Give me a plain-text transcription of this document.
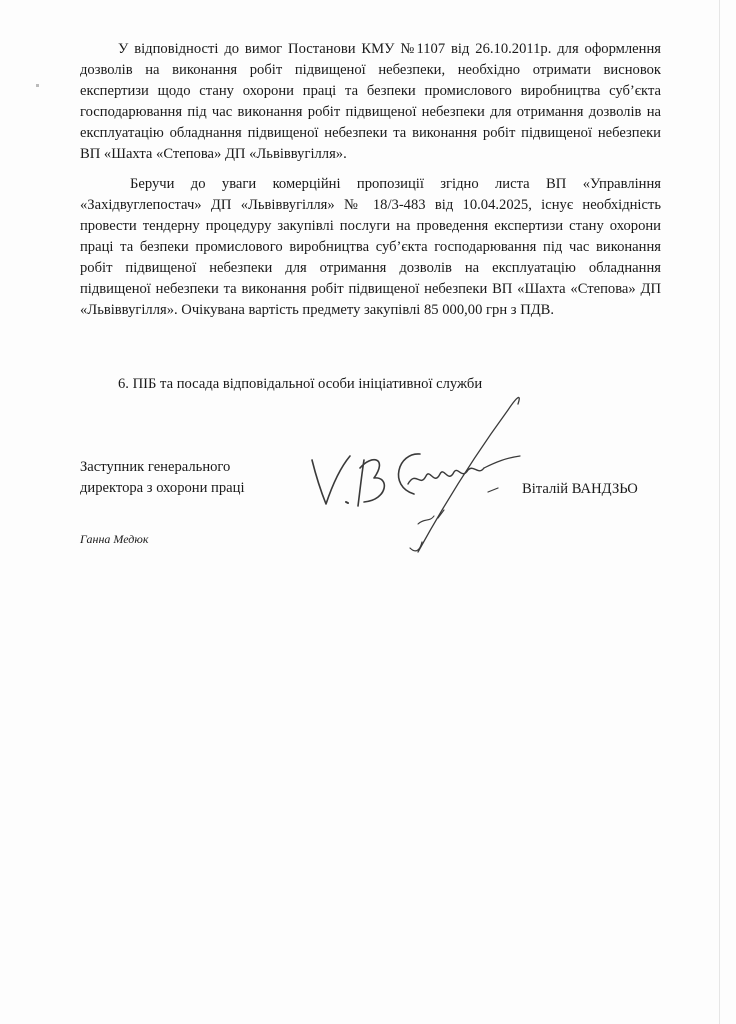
У відповідності до вимог Постанови КМУ №1107 від 26.10.2011р. для оформлення дозволів на виконання робіт підвищеної небезпеки, необхідно отримати висновок експертизи щодо стану охорони праці та безпеки промислового виробництва суб’єкта господарювання під час виконання робіт підвищеної небезпеки для отримання дозволів на експлуатацію обладнання підвищеної небезпеки та виконання робіт підвищеної небезпеки ВП «Шахта «Степова» ДП «Львіввугілля».

Беручи до уваги комерційні пропозиції згідно листа ВП «Управління «Західвуглепостач» ДП «Львіввугілля» № 18/3-483 від 10.04.2025, існує необхідність провести тендерну процедуру закупівлі послуги на проведення експертизи стану охорони праці та безпеки промислового виробництва суб’єкта господарювання під час виконання робіт підвищеної небезпеки для отримання дозволів на експлуатацію обладнання підвищеної небезпеки та виконання робіт підвищеної небезпеки ВП «Шахта «Степова» ДП «Львіввугілля». Очікувана вартість предмету закупівлі 85 000,00 грн з ПДВ.

6. ПІБ та посада відповідальної особи ініціативної служби

Заступник генерального
директора з охорони праці	Віталій ВАНДЗЬО

Ганна Медюк
